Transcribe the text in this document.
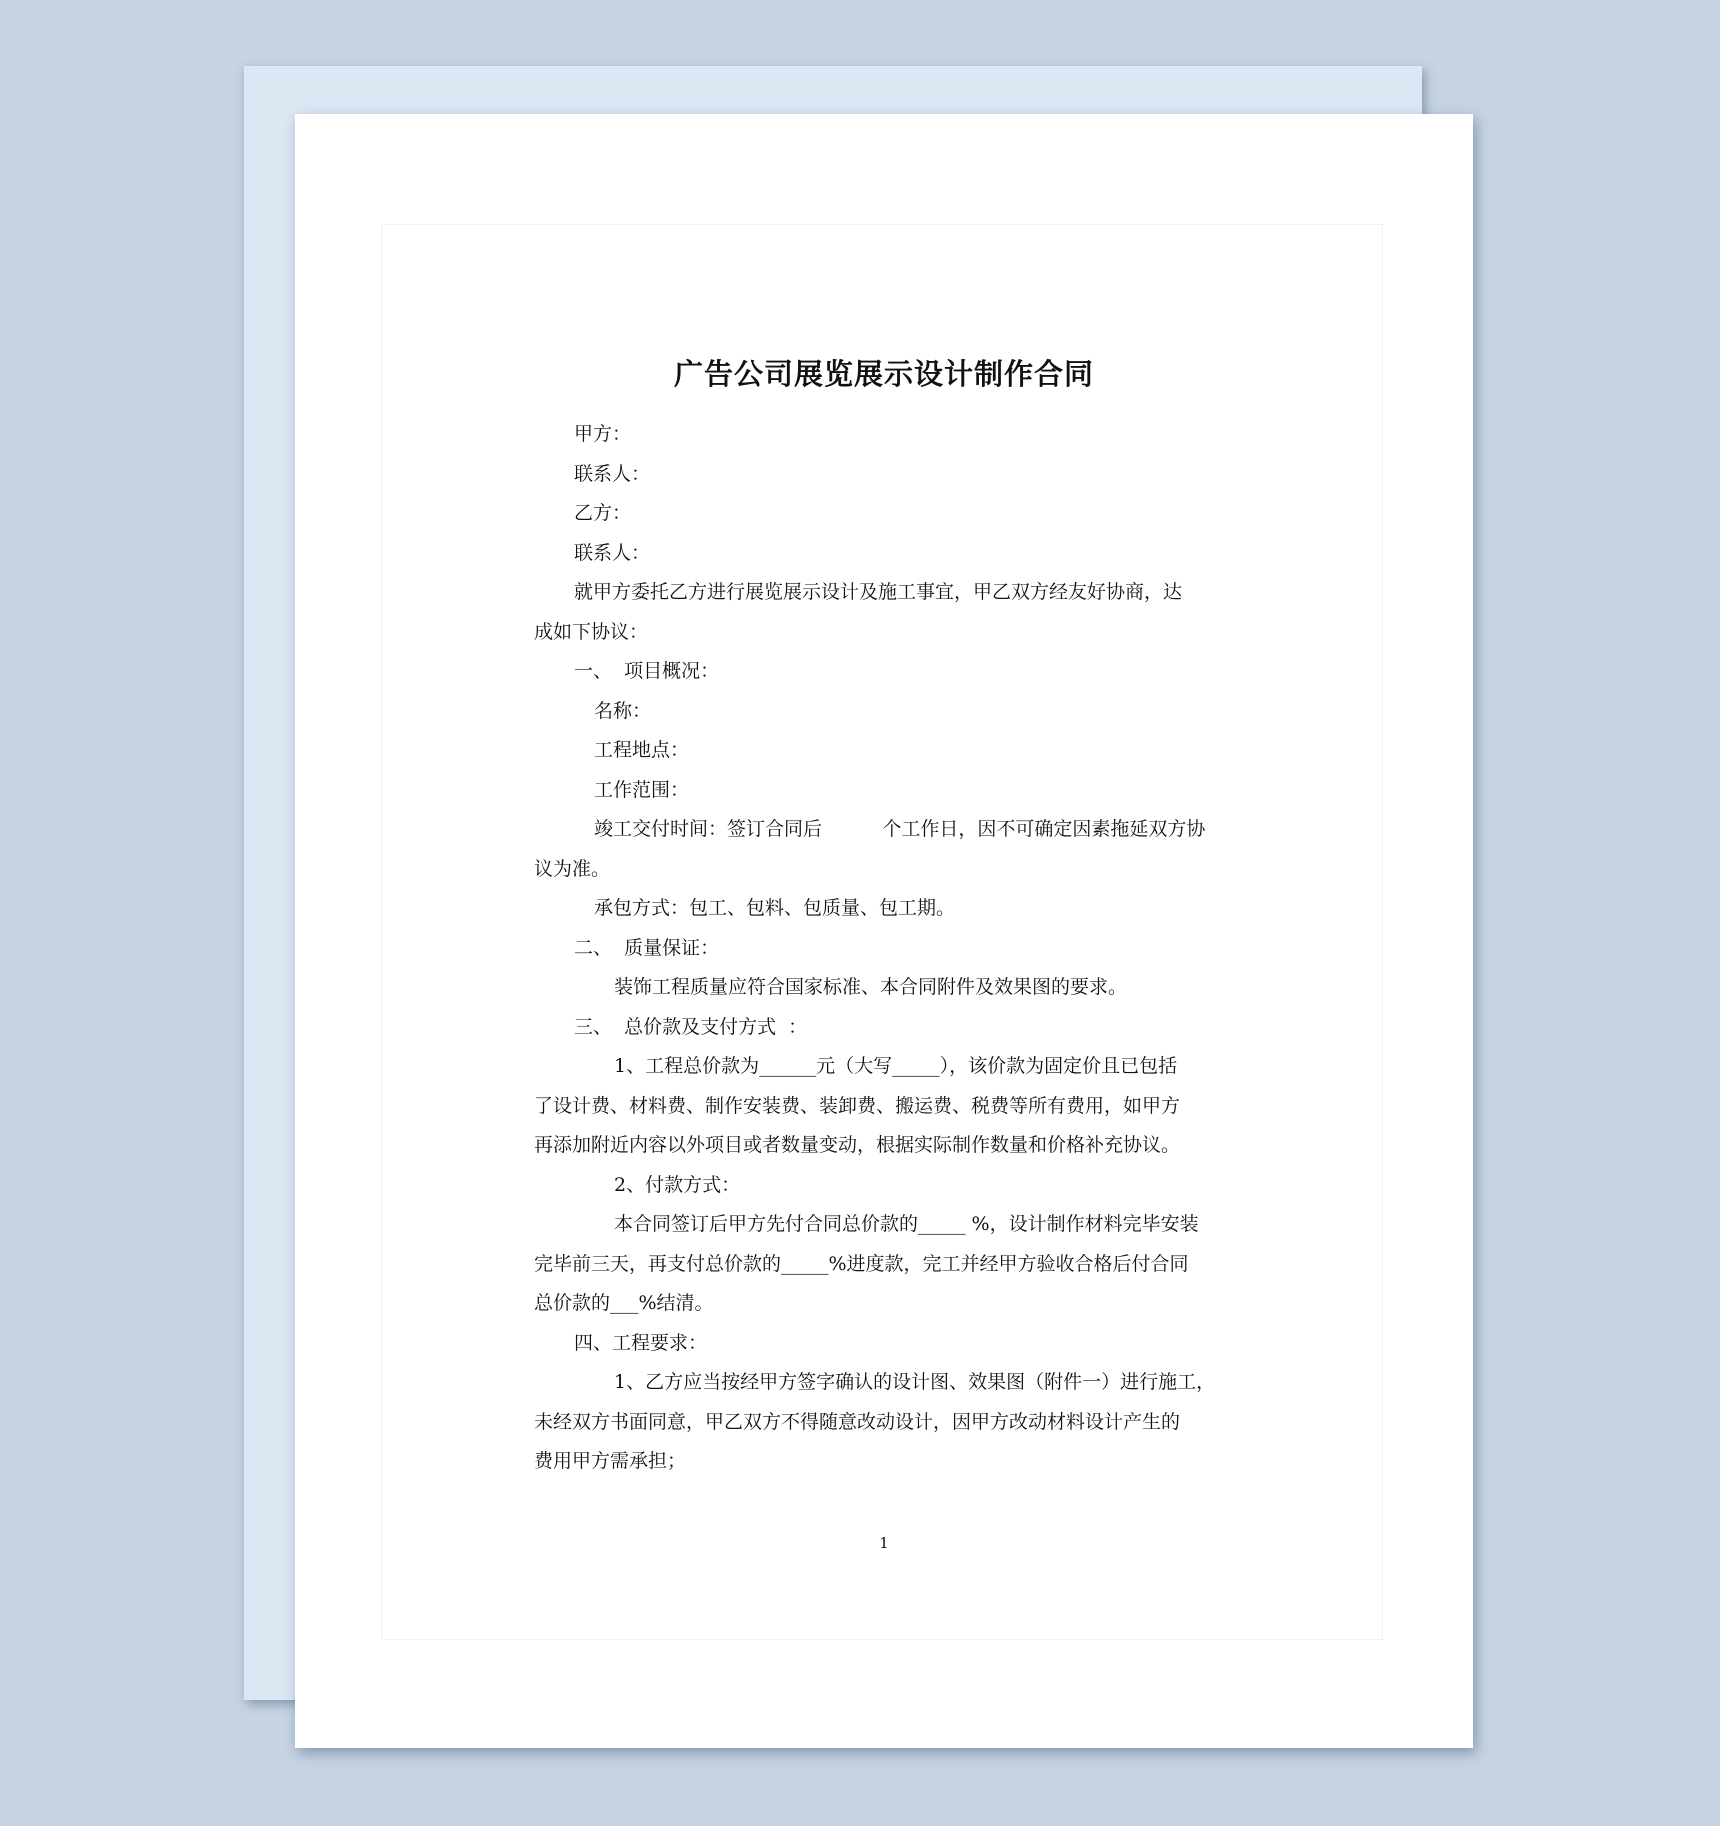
广告公司展览展示设计制作合同

甲方：

联系人：

乙方：

联系人：

就甲方委托乙方进行展览展示设计及施工事宜，甲乙双方经友好协商，达

成如下协议：

一、  项目概况：

名称：

工程地点：

工作范围：

竣工交付时间：签订合同后          个工作日，因不可确定因素拖延双方协

议为准。

承包方式：包工、包料、包质量、包工期。

二、  质量保证：

装饰工程质量应符合国家标准、本合同附件及效果图的要求。

三、  总价款及支付方式  ：

1、工程总价款为______元（大写_____），该价款为固定价且已包括

了设计费、材料费、制作安装费、装卸费、搬运费、税费等所有费用，如甲方

再添加附近内容以外项目或者数量变动，根据实际制作数量和价格补充协议。

2、付款方式：

本合同签订后甲方先付合同总价款的_____ %，设计制作材料完毕安装

完毕前三天，再支付总价款的_____%进度款，完工并经甲方验收合格后付合同

总价款的___%结清。

四、工程要求：

1、乙方应当按经甲方签字确认的设计图、效果图（附件一）进行施工，

未经双方书面同意，甲乙双方不得随意改动设计，因甲方改动材料设计产生的

费用甲方需承担；

1
